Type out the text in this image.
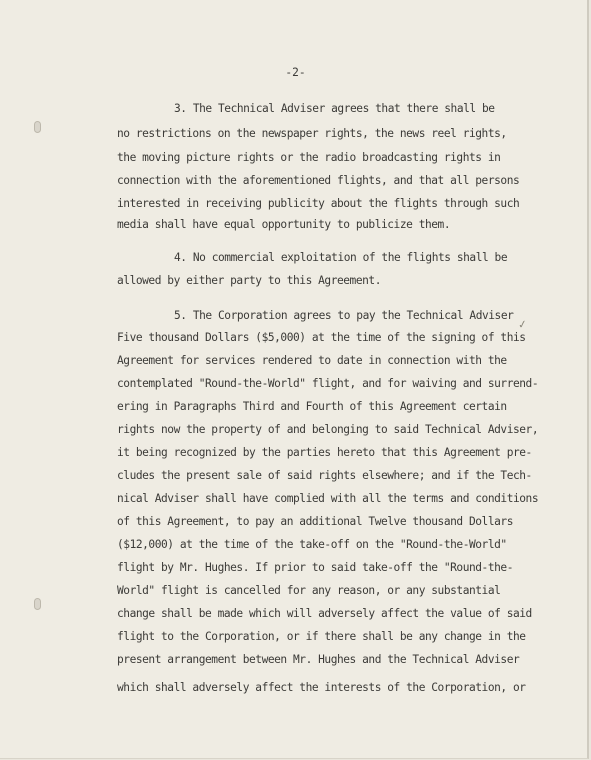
✓
-2-
3. The Technical Adviser agrees that there shall be
no restrictions on the newspaper rights, the news reel rights,
the moving picture rights or the radio broadcasting rights in
connection with the aforementioned flights, and that all persons
interested in receiving publicity about the flights through such
media shall have equal opportunity to publicize them.
4. No commercial exploitation of the flights shall be
allowed by either party to this Agreement.
5. The Corporation agrees to pay the Technical Adviser
Five thousand Dollars ($5,000) at the time of the signing of this
Agreement for services rendered to date in connection with the
contemplated "Round-the-World" flight, and for waiving and surrend-
ering in Paragraphs Third and Fourth of this Agreement certain
rights now the property of and belonging to said Technical Adviser,
it being recognized by the parties hereto that this Agreement pre-
cludes the present sale of said rights elsewhere; and if the Tech-
nical Adviser shall have complied with all the terms and conditions
of this Agreement, to pay an additional Twelve thousand Dollars
($12,000) at the time of the take-off on the "Round-the-World"
flight by Mr. Hughes. If prior to said take-off the "Round-the-
World" flight is cancelled for any reason, or any substantial
change shall be made which will adversely affect the value of said
flight to the Corporation, or if there shall be any change in the
present arrangement between Mr. Hughes and the Technical Adviser
which shall adversely affect the interests of the Corporation, or
